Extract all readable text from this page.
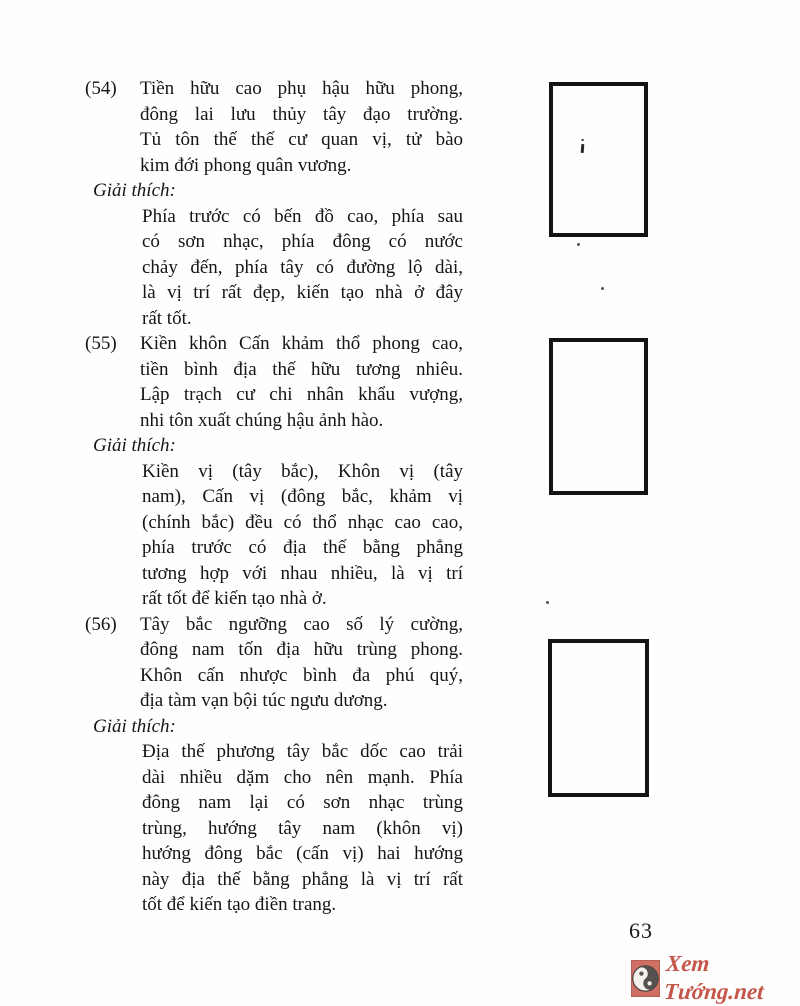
(54)	Tiền hữu cao phụ hậu hữu phong,
đông lai lưu thủy tây đạo trường.
Tủ tôn thế thế cư quan vị, tử bào
kim đới phong quân vương.
Giải thích:
Phía trước có bến đồ cao, phía sau
có sơn nhạc, phía đông có nước
chảy đến, phía tây có đường lộ dài,
là vị trí rất đẹp, kiến tạo nhà ở đây
rất tốt.
(55)	Kiền khôn Cấn khảm thổ phong cao,
tiền bình địa thế hữu tương nhiêu.
Lập trạch cư chi nhân khẩu vượng,
nhi tôn xuất chúng hậu ảnh hào.
Giải thích:
Kiền vị (tây bắc), Khôn vị (tây
nam), Cấn vị (đông bắc, khảm vị
(chính bắc) đều có thổ nhạc cao cao,
phía trước có địa thế bằng phẳng
tương hợp với nhau nhiều, là vị trí
rất tốt để kiến tạo nhà ở.
(56)	Tây bắc ngưỡng cao số lý cường,
đông nam tốn địa hữu trùng phong.
Khôn cấn nhược bình đa phú quý,
địa tàm vạn bội túc ngưu dương.
Giải thích:
Địa thế phương tây bắc dốc cao trải
dài nhiều dặm cho nên mạnh. Phía
đông nam lại có sơn nhạc trùng
trùng, hướng tây nam (khôn vị)
hướng đông bắc (cấn vị) hai hướng
này địa thế bằng phẳng là vị trí rất
tốt để kiến tạo điền trang.
63
Xem Tướng.net
